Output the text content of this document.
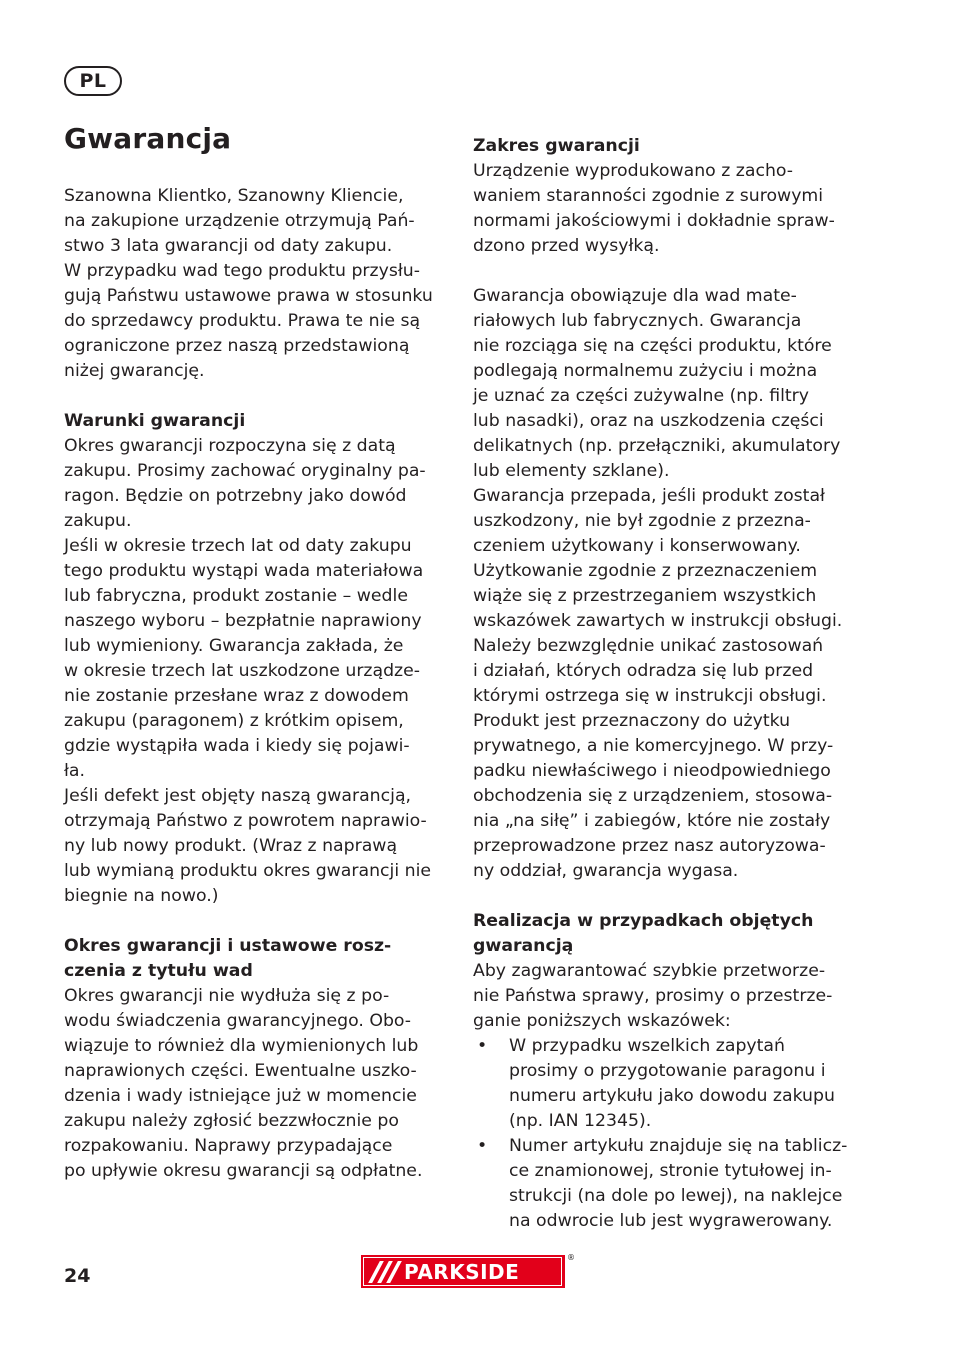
PL
Gwarancja

Szanowna Klientko, Szanowny Kliencie,
na zakupione urządzenie otrzymują Pań-
stwo 3 lata gwarancji od daty zakupu.
W przypadku wad tego produktu przysłu-
gują Państwu ustawowe prawa w stosunku
do sprzedawcy produktu. Prawa te nie są
ograniczone przez naszą przedstawioną
niżej gwarancję.

Warunki gwarancji

Okres gwarancji rozpoczyna się z datą
zakupu. Prosimy zachować oryginalny pa-
ragon. Będzie on potrzebny jako dowód
zakupu.
Jeśli w okresie trzech lat od daty zakupu
tego produktu wystąpi wada materiałowa
lub fabryczna, produkt zostanie – wedle
naszego wyboru – bezpłatnie naprawiony
lub wymieniony. Gwarancja zakłada, że
w okresie trzech lat uszkodzone urządze-
nie zostanie przesłane wraz z dowodem
zakupu (paragonem) z krótkim opisem,
gdzie wystąpiła wada i kiedy się pojawi-
ła.
Jeśli defekt jest objęty naszą gwarancją,
otrzymają Państwo z powrotem naprawio-
ny lub nowy produkt. (Wraz z naprawą
lub wymianą produktu okres gwarancji nie
biegnie na nowo.)

Okres gwarancji i ustawowe rosz-
czenia z tytułu wad

Okres gwarancji nie wydłuża się z po-
wodu świadczenia gwarancyjnego. Obo-
wiązuje to również dla wymienionych lub
naprawionych części. Ewentualne uszko-
dzenia i wady istniejące już w momencie
zakupu należy zgłosić bezzwłocznie po
rozpakowaniu. Naprawy przypadające
po upływie okresu gwarancji są odpłatne.

Zakres gwarancji

Urządzenie wyprodukowano z zacho-
waniem staranności zgodnie z surowymi
normami jakościowymi i dokładnie spraw-
dzono przed wysyłką.

Gwarancja obowiązuje dla wad mate-
riałowych lub fabrycznych. Gwarancja
nie rozciąga się na części produktu, które
podlegają normalnemu zużyciu i można
je uznać za części zużywalne (np. filtry
lub nasadki), oraz na uszkodzenia części
delikatnych (np. przełączniki, akumulatory
lub elementy szklane).
Gwarancja przepada, jeśli produkt został
uszkodzony, nie był zgodnie z przezna-
czeniem użytkowany i konserwowany.
Użytkowanie zgodnie z przeznaczeniem
wiąże się z przestrzeganiem wszystkich
wskazówek zawartych w instrukcji obsługi.
Należy bezwzględnie unikać zastosowań
i działań, których odradza się lub przed
którymi ostrzega się w instrukcji obsługi.
Produkt jest przeznaczony do użytku
prywatnego, a nie komercyjnego. W przy-
padku niewłaściwego i nieodpowiedniego
obchodzenia się z urządzeniem, stosowa-
nia „na siłę” i zabiegów, które nie zostały
przeprowadzone przez nasz autoryzowa-
ny oddział, gwarancja wygasa.

Realizacja w przypadkach objętych
gwarancją

Aby zagwarantować szybkie przetworze-
nie Państwa sprawy, prosimy o przestrze-
ganie poniższych wskazówek:

• W przypadku wszelkich zapytań
prosimy o przygotowanie paragonu i
numeru artykułu jako dowodu zakupu
(np. IAN 12345).
• Numer artykułu znajduje się na tablicz-
ce znamionowej, stronie tytułowej in-
strukcji (na dole po lewej), na naklejce
na odwrocie lub jest wygrawerowany.
24	PARKSIDE
®
